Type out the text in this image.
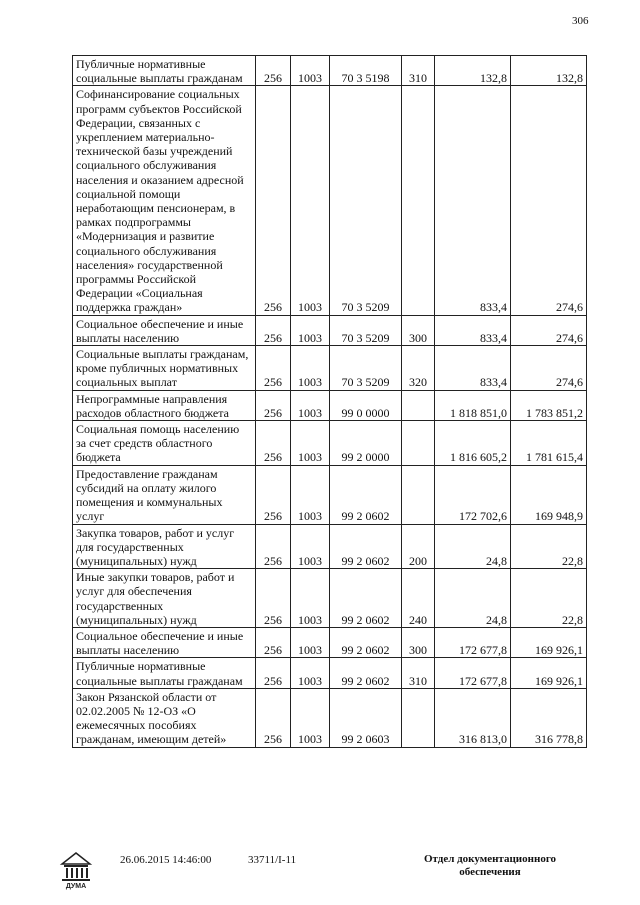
306
Публичные нормативные социальные выплаты гражданам	256	1003	70 3 5198	310	132,8	132,8
Софинансирование социальных программ субъектов Российской Федерации, связанных с укреплением материально-технической базы учреждений социального обслуживания населения и оказанием адресной социальной помощи неработающим пенсионерам, в рамках подпрограммы «Модернизация и развитие социального обслуживания населения» государственной программы Российской Федерации «Социальная поддержка граждан»	256	1003	70 3 5209		833,4	274,6
Социальное обеспечение и иные выплаты населению	256	1003	70 3 5209	300	833,4	274,6
Социальные выплаты гражданам, кроме публичных нормативных социальных выплат	256	1003	70 3 5209	320	833,4	274,6
Непрограммные направления расходов областного бюджета	256	1003	99 0 0000		1 818 851,0	1 783 851,2
Социальная помощь населению за счет средств областного бюджета	256	1003	99 2 0000		1 816 605,2	1 781 615,4
Предоставление гражданам субсидий на оплату жилого помещения и коммунальных услуг	256	1003	99 2 0602		172 702,6	169 948,9
Закупка товаров, работ и услуг для государственных (муниципальных) нужд	256	1003	99 2 0602	200	24,8	22,8
Иные закупки товаров, работ и услуг для обеспечения государственных (муниципальных) нужд	256	1003	99 2 0602	240	24,8	22,8
Социальное обеспечение и иные выплаты населению	256	1003	99 2 0602	300	172 677,8	169 926,1
Публичные нормативные социальные выплаты гражданам	256	1003	99 2 0602	310	172 677,8	169 926,1
Закон Рязанской области от 02.02.2005 № 12-ОЗ «О ежемесячных пособиях гражданам, имеющим детей»	256	1003	99 2 0603		316 813,0	316 778,8
ДУМА
26.06.2015 14:46:00	33711/I-11	Отдел документационного обеспечения
